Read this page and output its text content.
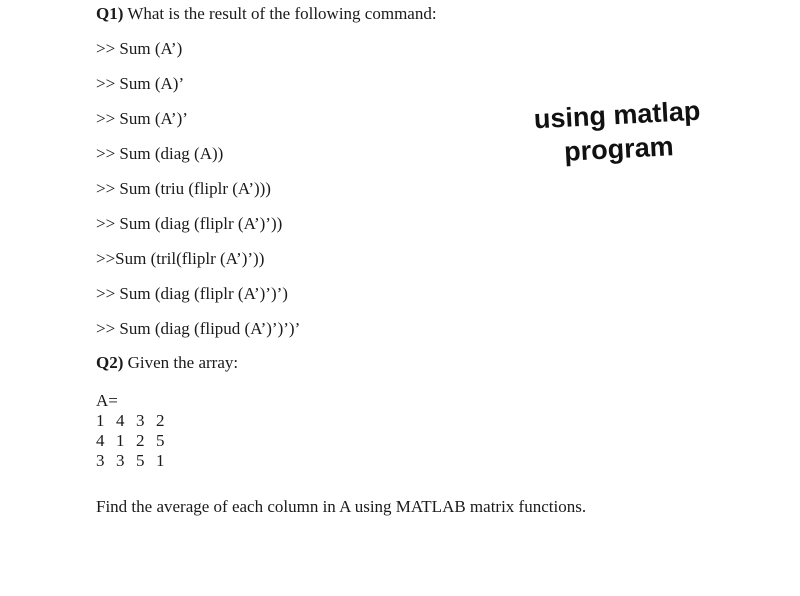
Q1) What is the result of the following command:
>> Sum (A’)
>> Sum (A)’
>> Sum (A’)’
>> Sum (diag (A))
>> Sum (triu (fliplr (A’)))
>> Sum (diag (fliplr (A’)’))
>>Sum (tril(fliplr (A’)’))
>> Sum (diag (fliplr (A’)’)’)
>> Sum (diag (flipud (A’)’)’)’
Q2) Given the array:
A=
1  4  3  2
4  1  2  5
3  3  5  1
Find the average of each column in A using MATLAB matrix functions.
using matlap
program
